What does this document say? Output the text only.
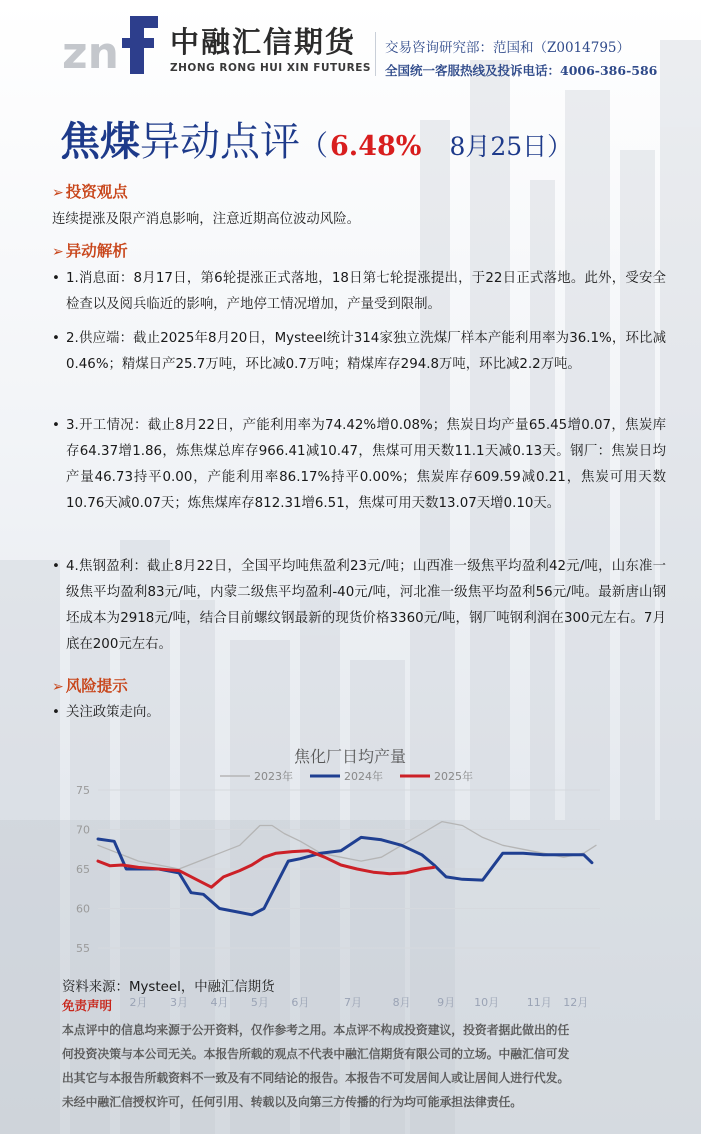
zn 中融汇信期货
ZHONG RONG HUI XIN FUTURES
交易咨询研究部：范国和（Z0014795）
全国统一客服热线及投诉电话：4006-386-586
焦煤异动点评（6.48% 8月25日）
➢ 投资观点
连续提涨及限产消息影响，注意近期高位波动风险。
➢ 异动解析
• 1.消息面：8月17日，第6轮提涨正式落地，18日第七轮提涨提出，于22日正式落地。此外，受安全检查以及阅兵临近的影响，产地停工情况增加，产量受到限制。
• 2.供应端：截止2025年8月20日，Mysteel统计314家独立洗煤厂样本产能利用率为36.1%，环比减0.46%；精煤日产25.7万吨，环比减0.7万吨；精煤库存294.8万吨，环比减2.2万吨。
• 3.开工情况：截止8月22日，产能利用率为74.42%增0.08%；焦炭日均产量65.45增0.07，焦炭库存64.37增1.86，炼焦煤总库存966.41减10.47，焦煤可用天数11.1天减0.13天。钢厂：焦炭日均产量46.73持平0.00，产能利用率86.17%持平0.00%；焦炭库存609.59减0.21，焦炭可用天数10.76天减0.07天；炼焦煤库存812.31增6.51，焦煤可用天数13.07天增0.10天。
• 4.焦钢盈利：截止8月22日，全国平均吨焦盈利23元/吨；山西准一级焦平均盈利42元/吨，山东准一级焦平均盈利83元/吨，内蒙二级焦平均盈利-40元/吨，河北准一级焦平均盈利56元/吨。最新唐山钢坯成本为2918元/吨，结合目前螺纹钢最新的现货价格3360元/吨，钢厂吨钢利润在300元左右。7月底在200元左右。
➢ 风险提示
• 关注政策走向。
焦化厂日均产量
2023年	2024年	2025年
55
60
65
70
75
2月 3月 4月 5月 6月	7月	8月 9月 10月	11月 12月
资料来源：Mysteel，中融汇信期货
免责声明
本点评中的信息均来源于公开资料，仅作参考之用。本点评不构成投资建议，投资者据此做出的任
何投资决策与本公司无关。本报告所载的观点不代表中融汇信期货有限公司的立场。中融汇信可发
出其它与本报告所载资料不一致及有不同结论的报告。本报告不可发居间人或让居间人进行代发。
未经中融汇信授权许可，任何引用、转载以及向第三方传播的行为均可能承担法律责任。
